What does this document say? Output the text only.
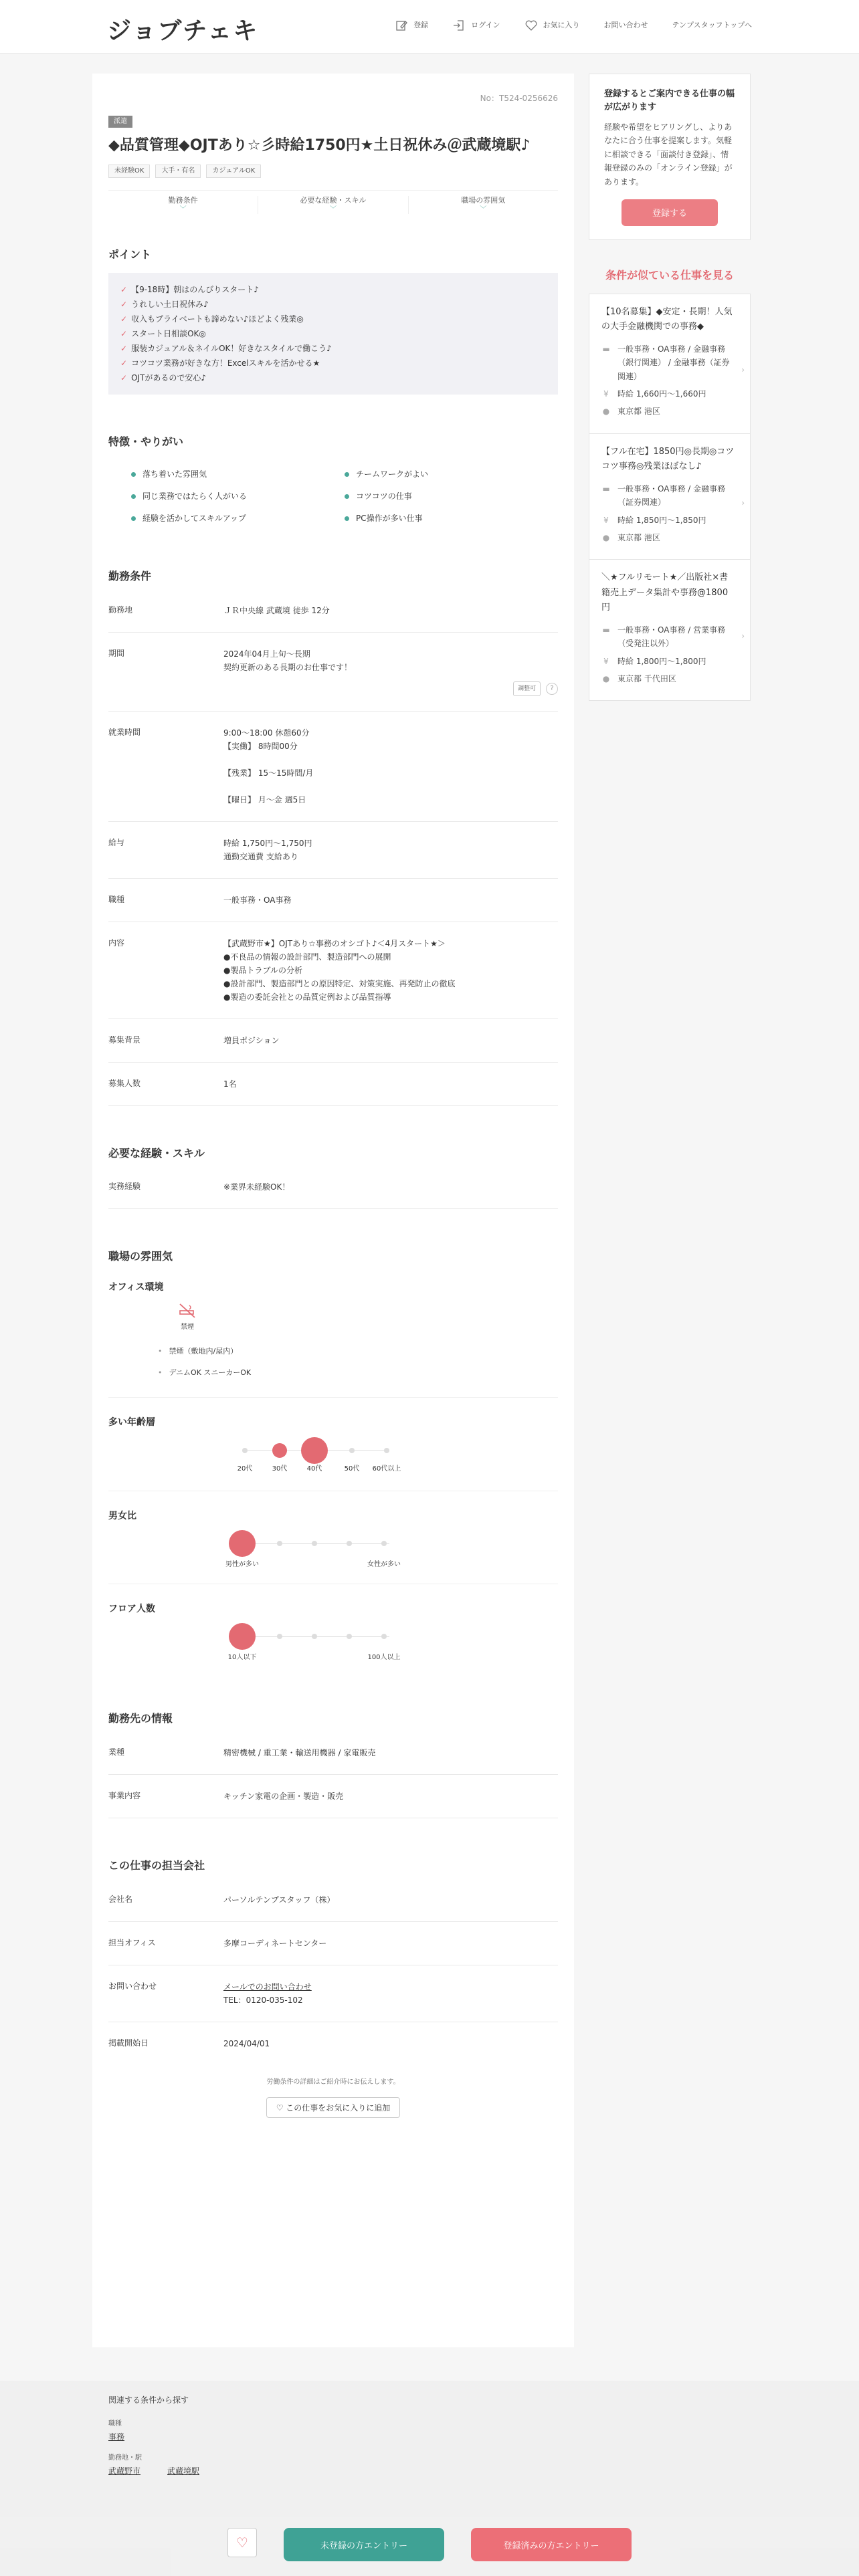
ジョブチェキ	登録	ログイン	お気に入り	お問い合わせ	テンプスタッフトップへ
No：T524-0256626
派遣
◆品質管理◆OJTあり☆彡時給1750円★土日祝休み＠武蔵境駅♪
未経験OK	大手・有名	カジュアルOK
勤務条件
﹀
必要な経験・スキル
﹀
職場の雰囲気
﹀
ポイント
✓ 【9-18時】朝はのんびりスタート♪
✓ うれしい土日祝休み♪
✓ 収入もプライベートも諦めない♪ほどよく残業◎
✓ スタート日相談OK◎
✓ 服装カジュアル＆ネイルOK！好きなスタイルで働こう♪
✓ コツコツ業務が好きな方！Excelスキルを活かせる★
✓ OJTがあるので安心♪
特徴・やりがい
落ち着いた雰囲気	チームワークがよい
同じ業務ではたらく人がいる	コツコツの仕事
経験を活かしてスキルアップ	PC操作が多い仕事
勤務条件
勤務地	ＪＲ中央線 武蔵境 徒歩 12分
期間	2024年04月上旬〜長期
契約更新のある長期のお仕事です！
調整可 ?

就業時間	9:00〜18:00 休憩60分
【実働】 8時間00分
【残業】 15〜15時間/月
【曜日】 月〜金 週5日

給与	時給 1,750円〜1,750円
通勤交通費 支給あり

職種	一般事務・OA事務
内容	【武蔵野市★】OJTあり☆事務のオシゴト♪＜4月スタート★＞
●不良品の情報の設計部門、製造部門への展開
●製品トラブルの分析
●設計部門、製造部門との原因特定、対策実施、再発防止の徹底
●製造の委託会社との品質定例および品質指導

募集背景	増員ポジション
募集人数	1名
必要な経験・スキル
実務経験	※業界未経験OK！
職場の雰囲気
オフィス環境
禁煙
• 禁煙（敷地内/屋内）
• デニムOK スニーカーOK
多い年齢層
20代	30代	40代	50代 60代以上
男女比
男性が多い	女性が多い
フロア人数
10人以下	100人以上
勤務先の情報
業種	精密機械 / 重工業・輸送用機器 / 家電販売
事業内容	キッチン家電の企画・製造・販売
この仕事の担当会社
会社名	パーソルテンプスタッフ（株）
担当オフィス	多摩コーディネートセンター
お問い合わせ	メールでのお問い合わせ
TEL：0120-035-102

掲載開始日	2024/04/01
労働条件の詳細はご紹介時にお伝えします。
♡ この仕事をお気に入りに追加
登録するとご案内できる仕事の幅が広がります

経験や希望をヒアリングし、よりあなたに合う仕事を提案します。気軽に相談できる「面談付き登録」、情報登録のみの「オンライン登録」があります。

登録する
条件が似ている仕事を見る
【10名募集】◆安定・長期！人気の大手金融機関での事務◆
▬ 一般事務・OA事務 / 金融事務（銀行関連） / 金融事務（証券関連）
¥ 時給 1,660円〜1,660円
● 東京都 港区
›
【フル在宅】1850円◎長期◎コツコツ事務◎残業ほぼなし♪
▬ 一般事務・OA事務 / 金融事務（証券関連）
¥ 時給 1,850円〜1,850円
● 東京都 港区
›
＼★フルリモート★／出版社×書籍売上データ集計や事務@1800円
▬ 一般事務・OA事務 / 営業事務（受発注以外）
¥ 時給 1,800円〜1,800円
● 東京都 千代田区
›
関連する条件から探す
職種
事務
勤務地・駅
武蔵野市	武蔵境駅
♡	未登録の方エントリー	登録済みの方エントリー
